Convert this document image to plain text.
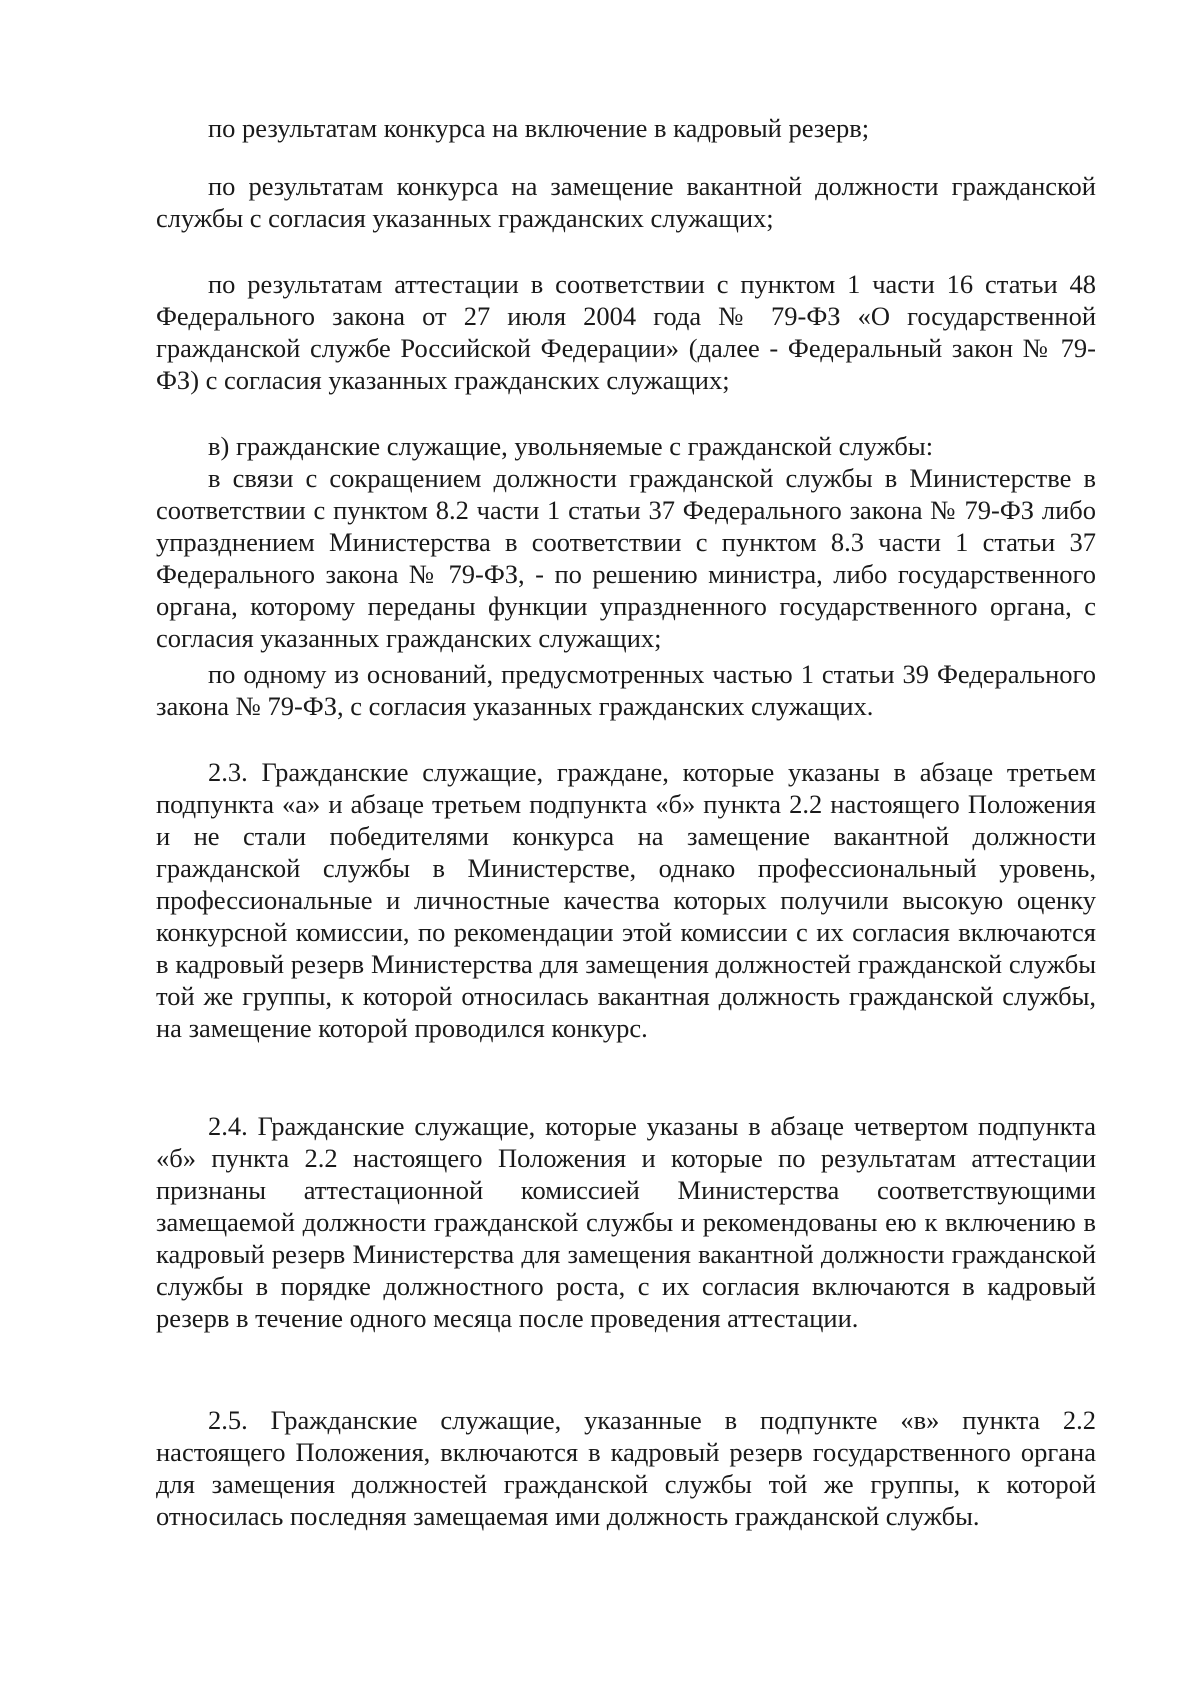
по результатам конкурса на включение в кадровый резерв;

по результатам конкурса на замещение вакантной должности гражданской службы с согласия указанных гражданских служащих;

по результатам аттестации в соответствии с пунктом 1 части 16 статьи 48 Федерального закона от 27 июля 2004 года № 79-ФЗ «О государственной гражданской службе Российской Федерации» (далее - Федеральный закон № 79-ФЗ) с согласия указанных гражданских служащих;

в) гражданские служащие, увольняемые с гражданской службы:

в связи с сокращением должности гражданской службы в Министерстве в соответствии с пунктом 8.2 части 1 статьи 37 Федерального закона № 79-ФЗ либо упразднением Министерства в соответствии с пунктом 8.3 части 1 статьи 37 Федерального закона № 79-ФЗ, - по решению министра, либо государственного органа, которому переданы функции упраздненного государственного органа, с согласия указанных гражданских служащих;

по одному из оснований, предусмотренных частью 1 статьи 39 Федерального закона № 79-ФЗ, с согласия указанных гражданских служащих.

2.3. Гражданские служащие, граждане, которые указаны в абзаце третьем подпункта «а» и абзаце третьем подпункта «б» пункта 2.2 настоящего Положения и не стали победителями конкурса на замещение вакантной должности гражданской службы в Министерстве, однако профессиональный уровень, профессиональные и личностные качества которых получили высокую оценку конкурсной комиссии, по рекомендации этой комиссии с их согласия включаются в кадровый резерв Министерства для замещения должностей гражданской службы той же группы, к которой относилась вакантная должность гражданской службы, на замещение которой проводился конкурс.

2.4. Гражданские служащие, которые указаны в абзаце четвертом подпункта «б» пункта 2.2 настоящего Положения и которые по результатам аттестации признаны аттестационной комиссией Министерства соответствующими замещаемой должности гражданской службы и рекомендованы ею к включению в кадровый резерв Министерства для замещения вакантной должности гражданской службы в порядке должностного роста, с их согласия включаются в кадровый резерв в течение одного месяца после проведения аттестации.

2.5. Гражданские служащие, указанные в подпункте «в» пункта 2.2 настоящего Положения, включаются в кадровый резерв государственного органа для замещения должностей гражданской службы той же группы, к которой относилась последняя замещаемая ими должность гражданской службы.
